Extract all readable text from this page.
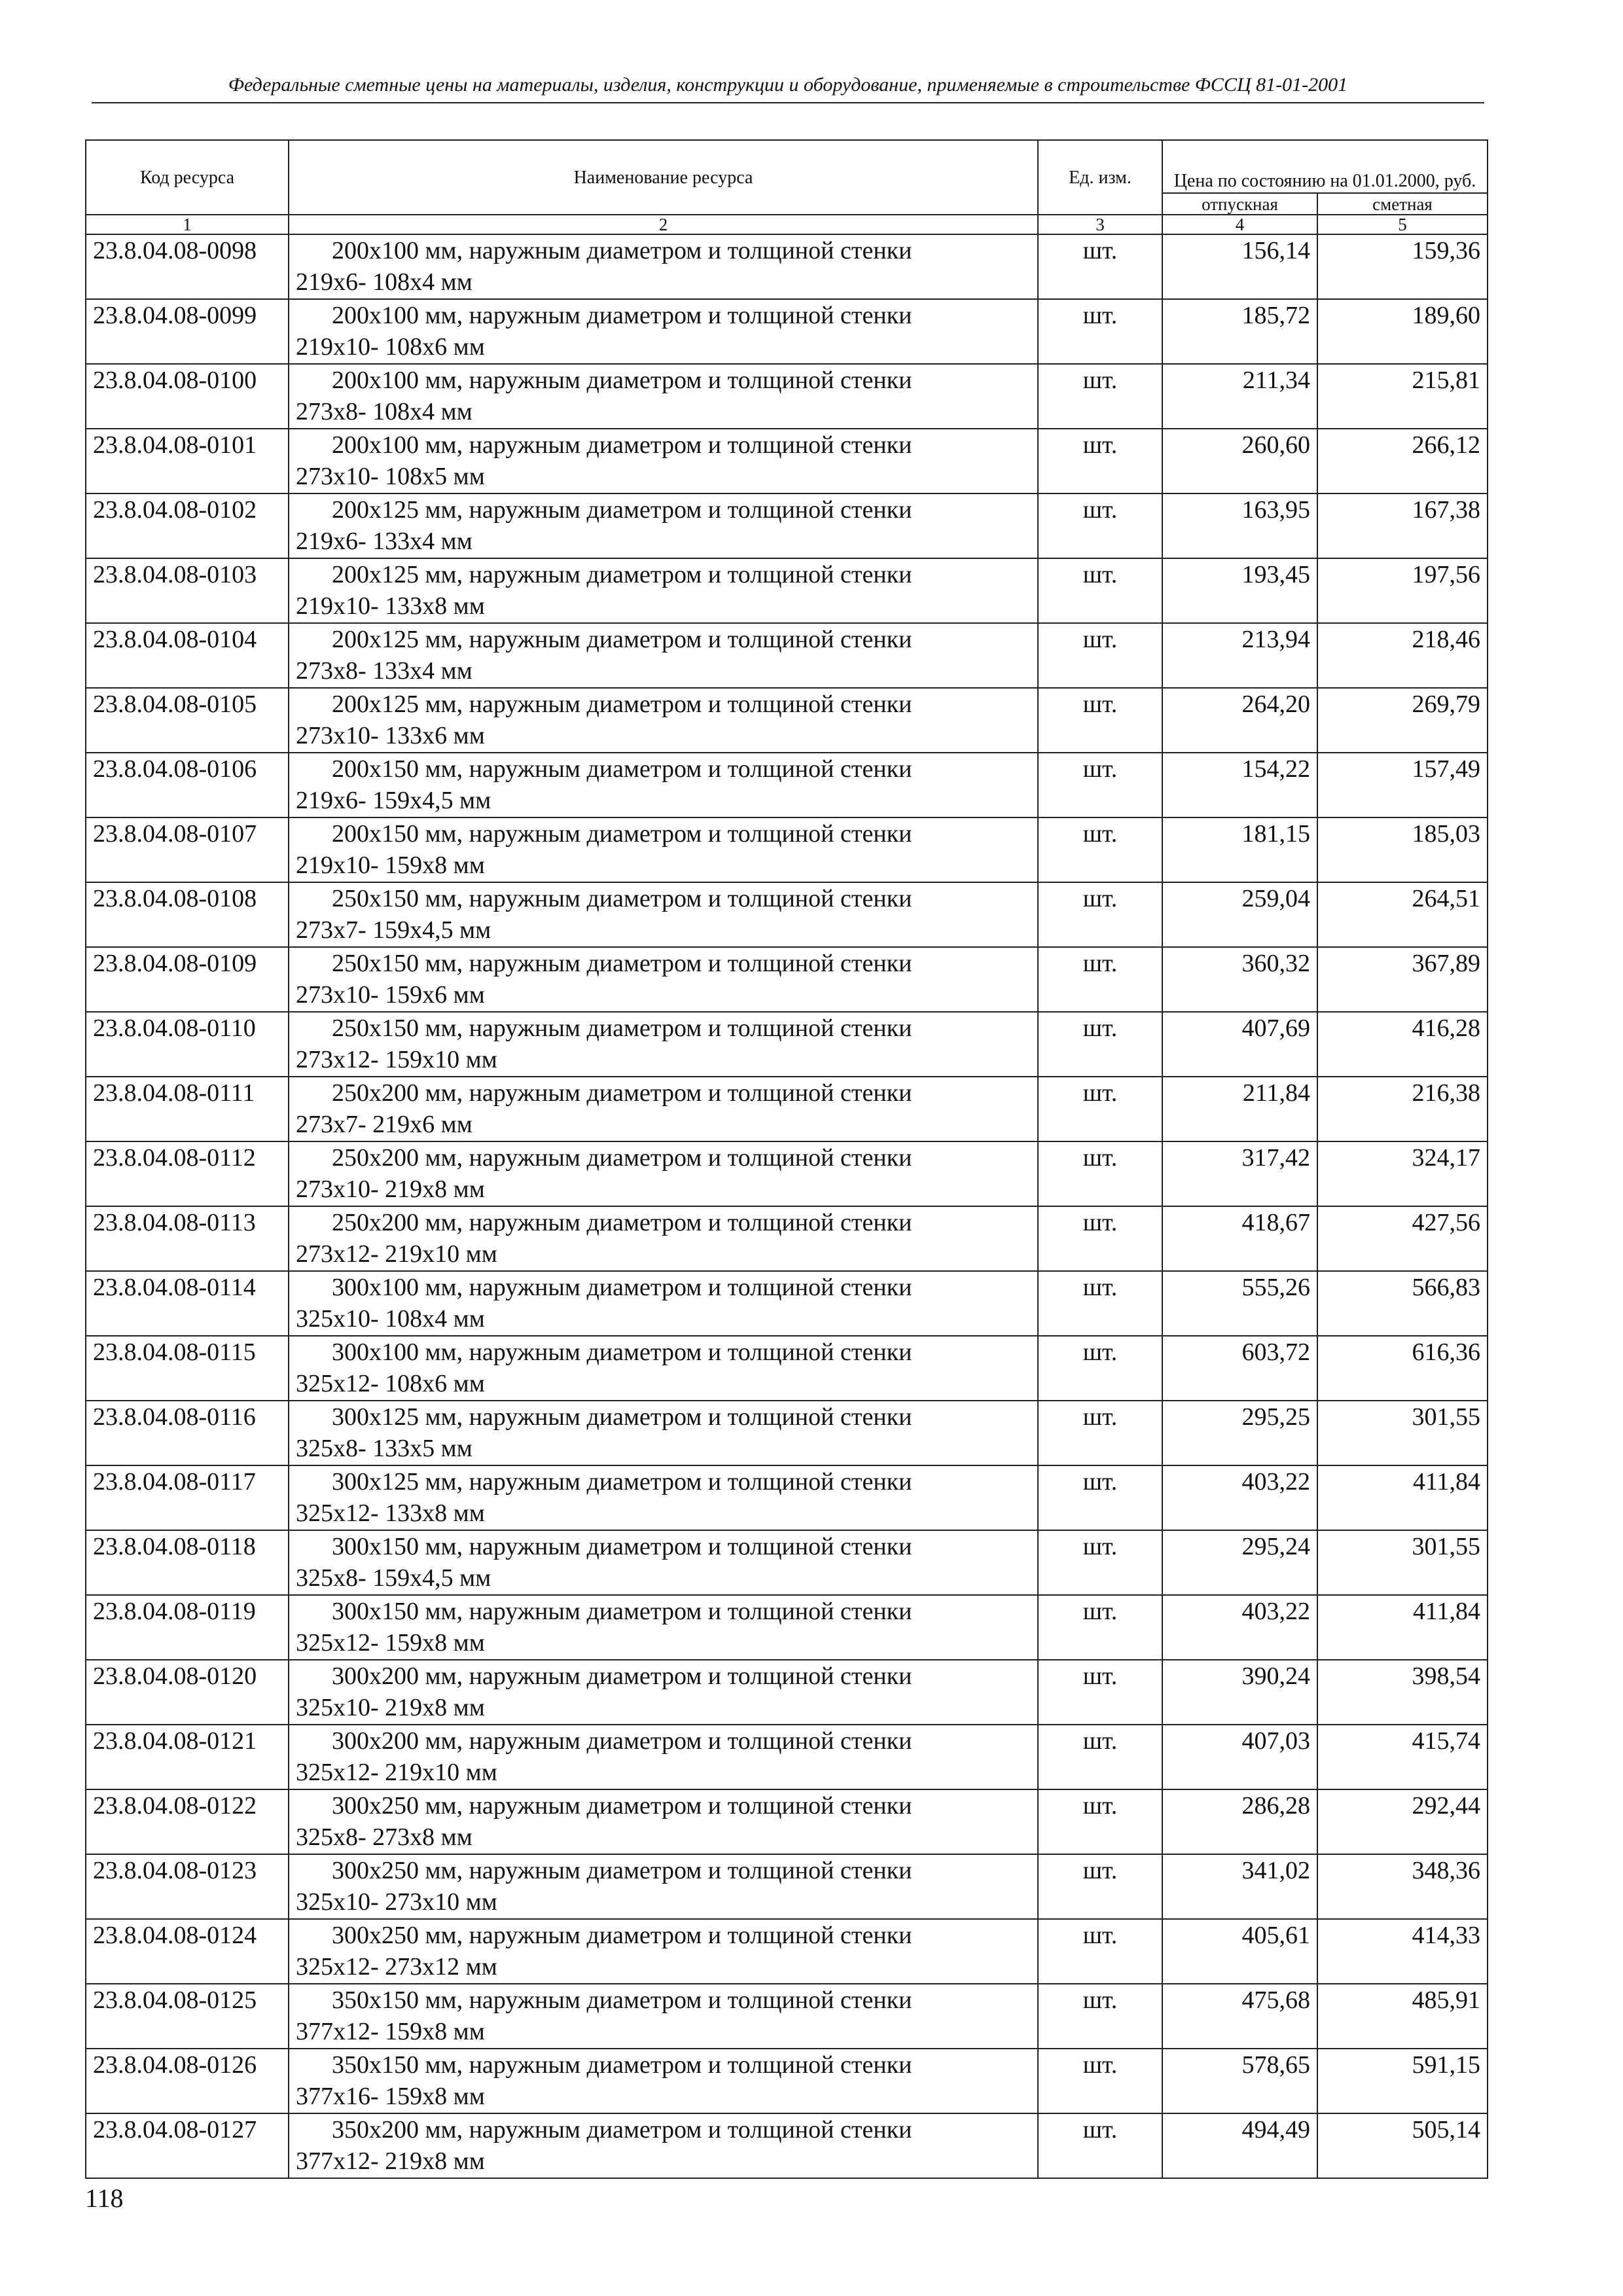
Федеральные сметные цены на материалы, изделия, конструкции и оборудование, применяемые в строительстве ФССЦ 81-01-2001
Код ресурса	Наименование ресурса	Ед. изм.	Цена по состоянию на 01.01.2000, руб.	
			отпускная	сметная
1	2	3	4	5
23.8.04.08-0098	200х100 мм, наружным диаметром и толщиной стенки
219х6- 108х4 мм	шт.	156,14	159,36
23.8.04.08-0099	200х100 мм, наружным диаметром и толщиной стенки
219х10- 108х6 мм	шт.	185,72	189,60
23.8.04.08-0100	200х100 мм, наружным диаметром и толщиной стенки
273х8- 108х4 мм	шт.	211,34	215,81
23.8.04.08-0101	200х100 мм, наружным диаметром и толщиной стенки
273х10- 108х5 мм	шт.	260,60	266,12
23.8.04.08-0102	200х125 мм, наружным диаметром и толщиной стенки
219х6- 133х4 мм	шт.	163,95	167,38
23.8.04.08-0103	200х125 мм, наружным диаметром и толщиной стенки
219х10- 133х8 мм	шт.	193,45	197,56
23.8.04.08-0104	200х125 мм, наружным диаметром и толщиной стенки
273х8- 133х4 мм	шт.	213,94	218,46
23.8.04.08-0105	200х125 мм, наружным диаметром и толщиной стенки
273х10- 133х6 мм	шт.	264,20	269,79
23.8.04.08-0106	200х150 мм, наружным диаметром и толщиной стенки
219х6- 159х4,5 мм	шт.	154,22	157,49
23.8.04.08-0107	200х150 мм, наружным диаметром и толщиной стенки
219х10- 159х8 мм	шт.	181,15	185,03
23.8.04.08-0108	250х150 мм, наружным диаметром и толщиной стенки
273х7- 159х4,5 мм	шт.	259,04	264,51
23.8.04.08-0109	250х150 мм, наружным диаметром и толщиной стенки
273х10- 159х6 мм	шт.	360,32	367,89
23.8.04.08-0110	250х150 мм, наружным диаметром и толщиной стенки
273х12- 159х10 мм	шт.	407,69	416,28
23.8.04.08-0111	250х200 мм, наружным диаметром и толщиной стенки
273х7- 219х6 мм	шт.	211,84	216,38
23.8.04.08-0112	250х200 мм, наружным диаметром и толщиной стенки
273х10- 219х8 мм	шт.	317,42	324,17
23.8.04.08-0113	250х200 мм, наружным диаметром и толщиной стенки
273х12- 219х10 мм	шт.	418,67	427,56
23.8.04.08-0114	300х100 мм, наружным диаметром и толщиной стенки
325х10- 108х4 мм	шт.	555,26	566,83
23.8.04.08-0115	300х100 мм, наружным диаметром и толщиной стенки
325х12- 108х6 мм	шт.	603,72	616,36
23.8.04.08-0116	300х125 мм, наружным диаметром и толщиной стенки
325х8- 133х5 мм	шт.	295,25	301,55
23.8.04.08-0117	300х125 мм, наружным диаметром и толщиной стенки
325х12- 133х8 мм	шт.	403,22	411,84
23.8.04.08-0118	300х150 мм, наружным диаметром и толщиной стенки
325х8- 159х4,5 мм	шт.	295,24	301,55
23.8.04.08-0119	300х150 мм, наружным диаметром и толщиной стенки
325х12- 159х8 мм	шт.	403,22	411,84
23.8.04.08-0120	300х200 мм, наружным диаметром и толщиной стенки
325х10- 219х8 мм	шт.	390,24	398,54
23.8.04.08-0121	300х200 мм, наружным диаметром и толщиной стенки
325х12- 219х10 мм	шт.	407,03	415,74
23.8.04.08-0122	300х250 мм, наружным диаметром и толщиной стенки
325х8- 273х8 мм	шт.	286,28	292,44
23.8.04.08-0123	300х250 мм, наружным диаметром и толщиной стенки
325х10- 273х10 мм	шт.	341,02	348,36
23.8.04.08-0124	300х250 мм, наружным диаметром и толщиной стенки
325х12- 273х12 мм	шт.	405,61	414,33
23.8.04.08-0125	350х150 мм, наружным диаметром и толщиной стенки
377х12- 159х8 мм	шт.	475,68	485,91
23.8.04.08-0126	350х150 мм, наружным диаметром и толщиной стенки
377х16- 159х8 мм	шт.	578,65	591,15
23.8.04.08-0127	350х200 мм, наружным диаметром и толщиной стенки
377х12- 219х8 мм	шт.	494,49	505,14
118
